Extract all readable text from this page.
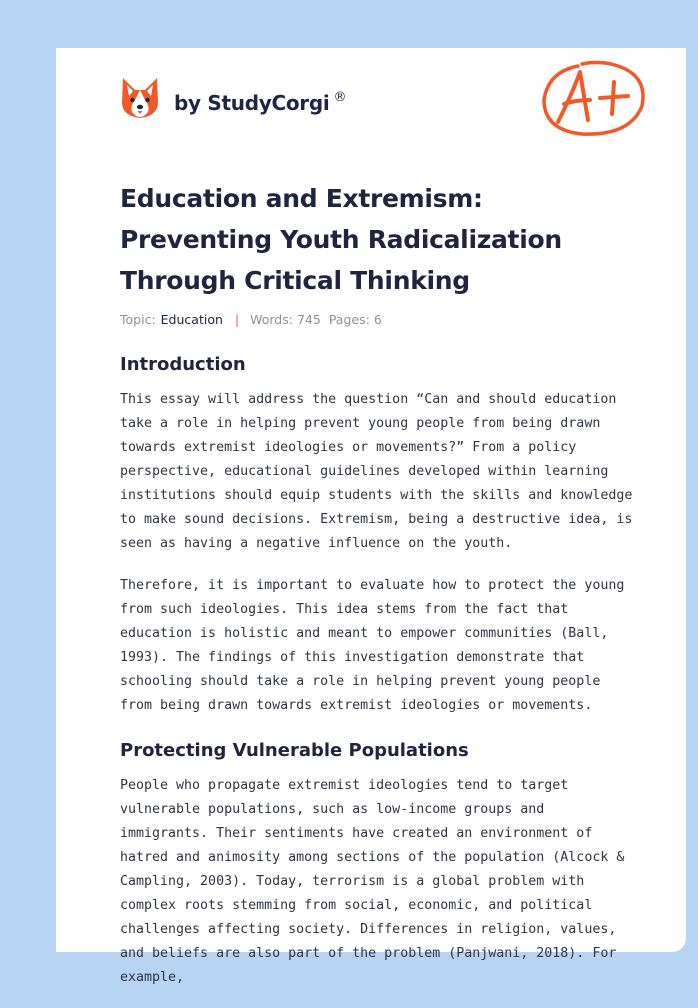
by StudyCorgi ®
Education and Extremism: Preventing Youth Radicalization Through Critical Thinking
Topic: Education | Words: 745 Pages: 6
Introduction

This essay will address the question “Can and should education take a role in helping prevent young people from being drawn towards extremist ideologies or movements?” From a policy perspective, educational guidelines developed within learning institutions should equip students with the skills and knowledge to make sound decisions. Extremism, being a destructive idea, is seen as having a negative influence on the youth.

Therefore, it is important to evaluate how to protect the young from such ideologies. This idea stems from the fact that education is holistic and meant to empower communities (Ball, 1993). The findings of this investigation demonstrate that schooling should take a role in helping prevent young people from being drawn towards extremist ideologies or movements.

Protecting Vulnerable Populations

People who propagate extremist ideologies tend to target vulnerable populations, such as low-income groups and immigrants. Their sentiments have created an environment of hatred and animosity among sections of the population (Alcock & Campling, 2003). Today, terrorism is a global problem with complex roots stemming from social, economic, and political challenges affecting society. Differences in religion, values, and beliefs are also part of the problem (Panjwani, 2018). For example,
